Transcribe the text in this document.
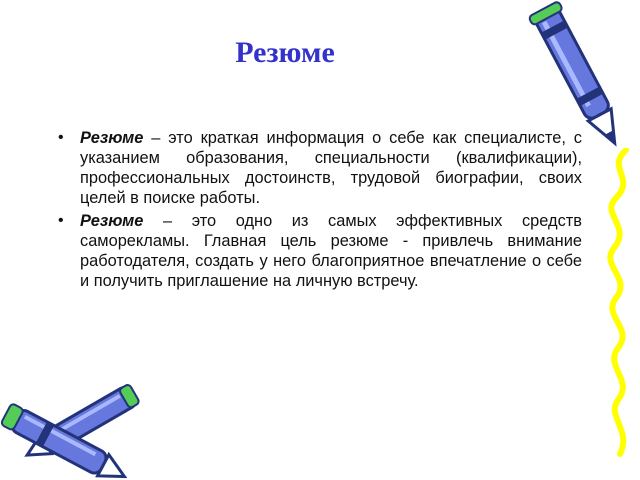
Резюме
• Резюме – это краткая информация о себе как специалисте, с указанием образования, специальности (квалификации), профессиональных достоинств, трудовой биографии, своих целей в поиске работы.
• Резюме – это одно из самых эффективных средств саморекламы. Главная цель резюме - привлечь внимание работодателя, создать у него благоприятное впечатление о себе и получить приглашение на личную встречу.
